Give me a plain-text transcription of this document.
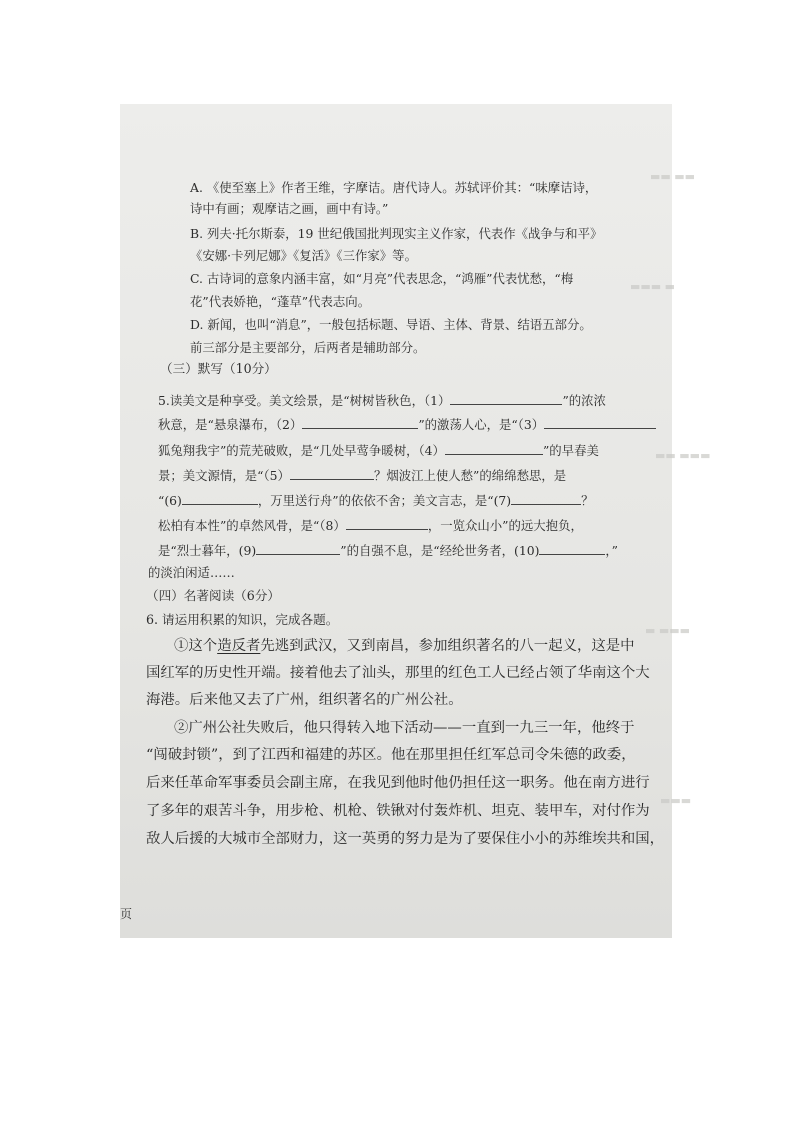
▬▬ ▬▬
▬▬▬ ▬
▬▬ ▬▬▬
▬ ▬▬▬
▬▬▬
A. 《使至塞上》作者王维，字摩诘。唐代诗人。苏轼评价其：“味摩诘诗，
诗中有画；观摩诘之画，画中有诗。”
B. 列夫·托尔斯泰，19 世纪俄国批判现实主义作家，代表作《战争与和平》
《安娜·卡列尼娜》《复活》《三作家》等。
C. 古诗词的意象内涵丰富，如“月亮”代表思念，“鸿雁”代表忧愁，“梅
花”代表娇艳，“蓬草”代表志向。
D. 新闻，也叫“消息”，一般包括标题、导语、主体、背景、结语五部分。
前三部分是主要部分，后两者是辅助部分。
（三）默写（10分）
5.读美文是种享受。美文绘景，是“树树皆秋色，（1）	”的浓浓
秋意，是“悬泉瀑布，（2）	”的激荡人心，是“（3）
狐兔翔我宇”的荒芜破败，是“几处早莺争暖树，（4）	”的早春美
景；美文源情，是“（5）	？烟波江上使人愁”的绵绵愁思，是
“(6)	，万里送行舟”的依依不舍；美文言志，是“(7)	？
松柏有本性”的卓然风骨，是“（8）	，一览众山小”的远大抱负，
是“烈士暮年，(9)	”的自强不息，是“经纶世务者，(10)	，”
的淡泊闲适……
（四）名著阅读（6分）
6. 请运用积累的知识，完成各题。
①这个造反者先逃到武汉，又到南昌，参加组织著名的八一起义，这是中
国红军的历史性开端。接着他去了汕头，那里的红色工人已经占领了华南这个大
海港。后来他又去了广州，组织著名的广州公社。
②广州公社失败后，他只得转入地下活动——一直到一九三一年，他终于
“闯破封锁”，到了江西和福建的苏区。他在那里担任红军总司令朱德的政委，
后来任革命军事委员会副主席，在我见到他时他仍担任这一职务。他在南方进行
了多年的艰苦斗争，用步枪、机枪、铁锹对付轰炸机、坦克、装甲车，对付作为
敌人后援的大城市全部财力，这一英勇的努力是为了要保住小小的苏维埃共和国，
页
